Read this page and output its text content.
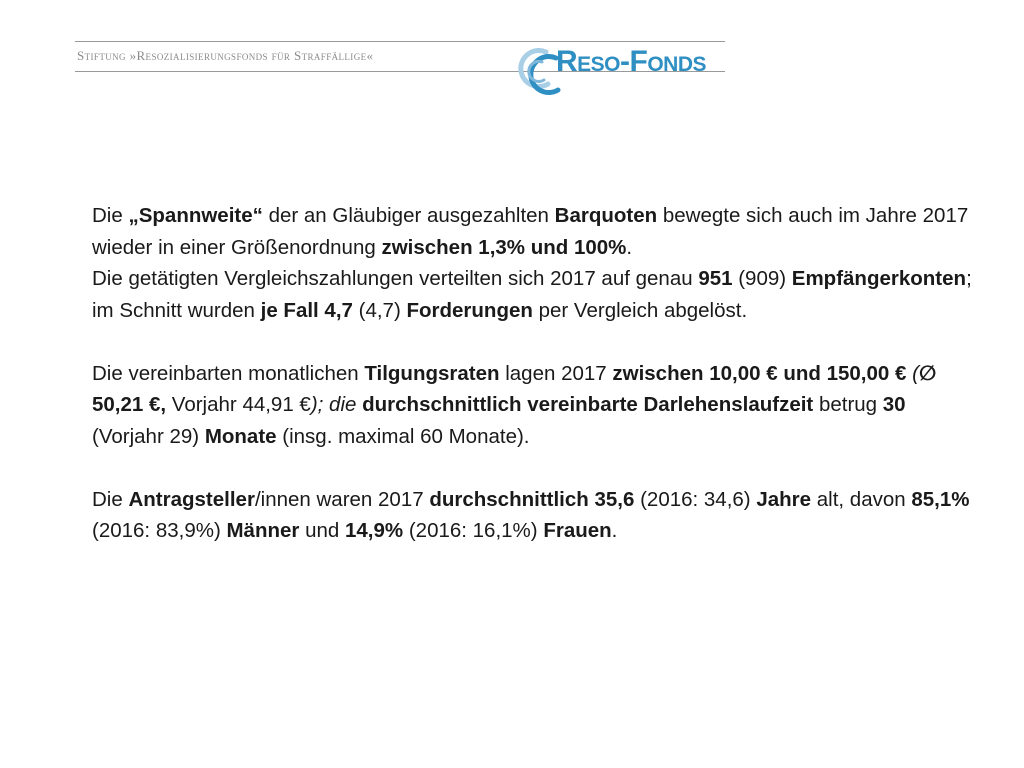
Stiftung »Resozialisierungsfonds für Straffällige«	Reso-Fonds

Die „Spannweite“ der an Gläubiger ausgezahlten Barquoten bewegte sich auch im Jahre 2017 wieder in einer Größenordnung zwischen 1,3% und 100%.

Die getätigten Vergleichszahlungen verteilten sich 2017 auf genau 951 (909) Empfängerkonten; im Schnitt wurden je Fall 4,7 (4,7) Forderungen per Vergleich abgelöst.

Die vereinbarten monatlichen Tilgungsraten lagen 2017 zwischen 10,00 € und 150,00 € (∅ 50,21 €, Vorjahr 44,91 €); die durchschnittlich vereinbarte Darlehenslaufzeit betrug 30 (Vorjahr 29) Monate (insg. maximal 60 Monate).

Die Antragsteller/innen waren 2017 durchschnittlich 35,6 (2016: 34,6) Jahre alt, davon 85,1% (2016: 83,9%) Männer und 14,9% (2016: 16,1%) Frauen.
